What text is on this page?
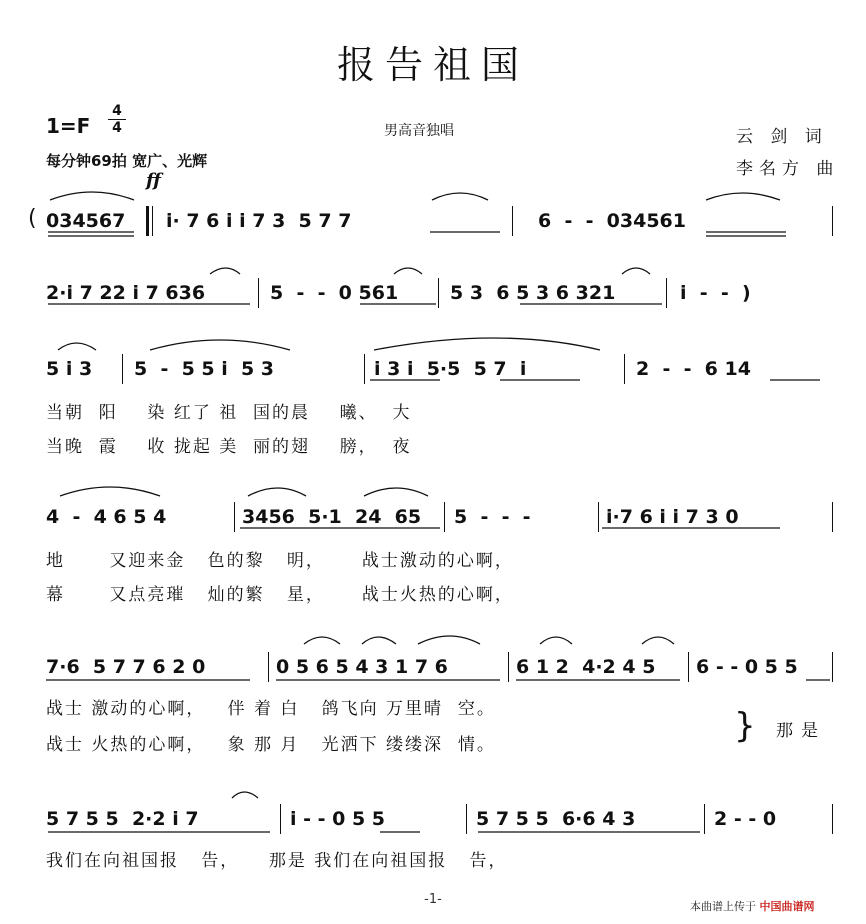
报告祖国
1=F
4
4
每分钟69拍 宽广、光辉
男高音独唱	云 剑 词
李名方 曲
ff
( 034567 i· 7 6 i i 7 3  5 7 7	6  -  -  034561
2·i 7 22 i 7 636	5  -  -  0 561	5 3  6 5 3 6 321	i  -  -  )
5 i 3 5  -  5 5 i  5 3	i 3 i  5·5  5 7  i	2  -  -  6 14
当朝  阳    染 红了 祖  国的晨    曦、  大
当晚  霞    收 拢起 美  丽的翅    膀，  夜
4  -  4 6 5 4	3456  5·1  24  65 5  -  -  -	i·7 6 i i 7 3 0
地      又迎来金   色的黎   明，     战士激动的心啊，
幕      又点亮璀   灿的繁   星，     战士火热的心啊，
7·6  5 7 7 6 2 0	0 5 6 5 4 3 1 7 6	6 1 2  4·2 4 5 6 - - 0 5 5
战士 激动的心啊，   伴 着 白   鸽飞向 万里晴  空。
战士 火热的心啊，   象 那 月   光洒下 缕缕深  情。	} 那是
5 7 5 5  2·2 i 7	i - - 0 5 5	5 7 5 5  6·6 4 3	2 - - 0
我们在向祖国报   告，    那是 我们在向祖国报   告，
-1-	本曲谱上传于 中国曲谱网
